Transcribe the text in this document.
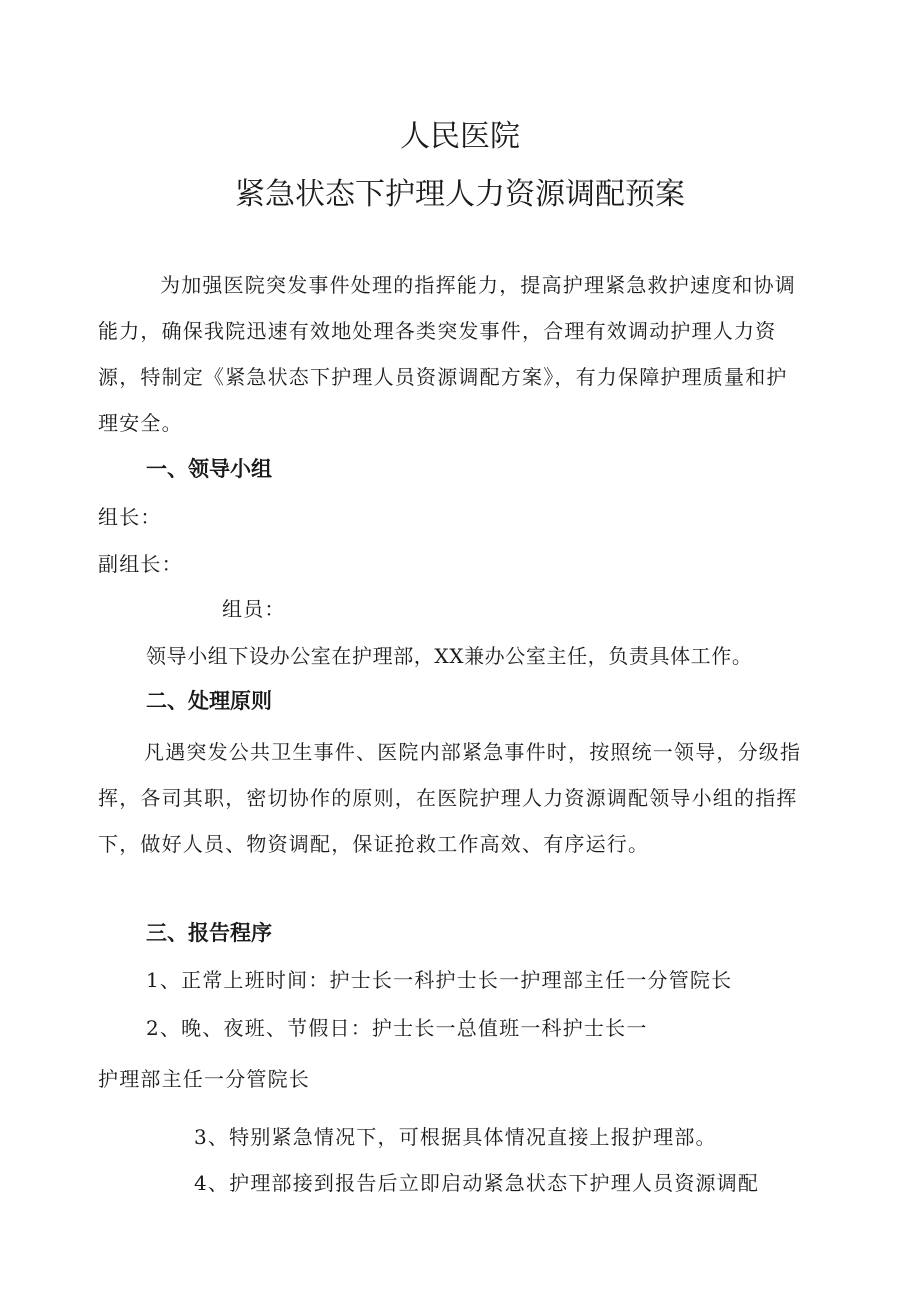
人民医院
紧急状态下护理人力资源调配预案

为加强医院突发事件处理的指挥能力，提高护理紧急救护速度和协调能力，确保我院迅速有效地处理各类突发事件，合理有效调动护理人力资源，特制定《紧急状态下护理人员资源调配方案》，有力保障护理质量和护理安全。

一、领导小组

组长：

副组长：

组员：

领导小组下设办公室在护理部，XX兼办公室主任，负责具体工作。

二、处理原则

凡遇突发公共卫生事件、医院内部紧急事件时，按照统一领导，分级指挥，各司其职，密切协作的原则，在医院护理人力资源调配领导小组的指挥下，做好人员、物资调配，保证抢救工作高效、有序运行。

三、报告程序

1、正常上班时间：护士长一科护士长一护理部主任一分管院长

2、晚、夜班、节假日：护士长一总值班一科护士长一

护理部主任一分管院长

3、特别紧急情况下，可根据具体情况直接上报护理部。

4、护理部接到报告后立即启动紧急状态下护理人员资源调配
